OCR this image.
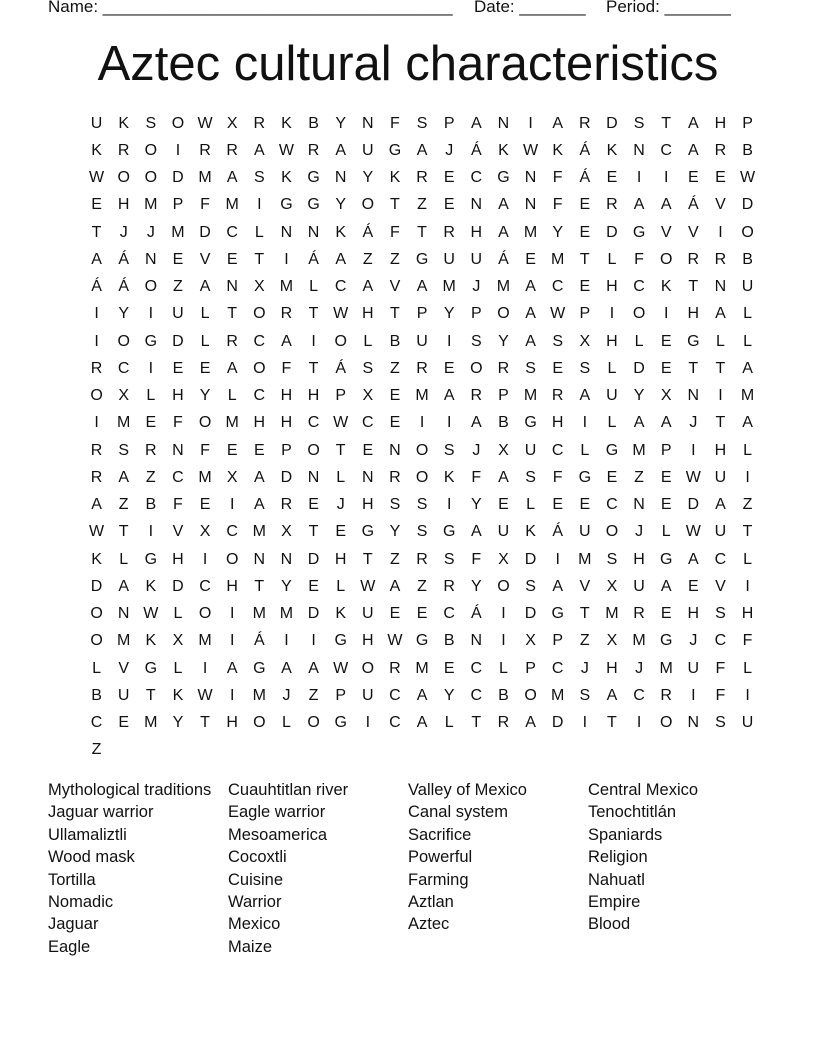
Name: _____________________________________ Date: _______ Period: _______
Aztec cultural characteristics
U	K	S O W X	R	K	B	Y	N	F	S	P	A	N	I	A	R D	S	T	A	H	P
K	R O	I	R R	A W R	A	U G A	J	Á	K W K	Á	K	N C	A	R	B
W O O D M A	S	K G N	Y	K	R	E	C G N	F	Á	E	I	I	E	E W
E	H M P	F M	I	G G Y O	T	Z	E	N	A	N	F	E	R	A	A	Á	V	D
T	J	J	M D C	L	N N	K	Á	F	T	R H	A M Y	E	D G V	V	I	O
A	Á	N	E	V	E	T	I	Á	A	Z	Z	G U U	Á	E M T	L	F	O R R	B
Á	Á O	Z	A	N	X M	L	C	A	V	A M	J	M A	C	E	H C	K	T	N U
I	Y	I	U	L	T	O R	T W H	T	P	Y	P O A W P	I	O	I	H	A	L
I	O G D	L	R C	A	I	O	L	B	U	I	S	Y	A	S	X	H	L	E G	L	L
R C	I	E	E	A O	F	T	Á	S	Z	R	E O R	S	E	S	L	D	E	T	T	A
O X	L	H	Y	L	C H H	P	X	E M A	R	P M R	A	U	Y	X	N	I	M
I	M E	F	O M H H C W C	E	I	I	A	B G H	I	L	A	A	J	T	A
R	S	R N	F	E	E	P O	T	E	N O S	J	X	U C	L	G M P	I	H	L
R	A	Z	C M X	A	D N	L	N R O K	F	A	S	F	G E	Z	E W U	I
A	Z	B	F	E	I	A	R	E	J	H	S	S	I	Y	E	L	E	E	C N	E	D	A	Z
W T	I	V	X	C M X	T	E G Y	S G A	U	K	Á	U O	J	L W U	T
K	L	G H	I	O N N D H	T	Z	R	S	F	X	D	I	M S	H G A	C	L
D	A	K	D C H	T	Y	E	L W A	Z	R	Y O S	A	V	X	U	A	E	V	I
O N W L	O	I	M M D	K	U	E	E	C	Á	I	D G	T M R	E	H	S	H
O M K	X M	I	Á	I	I	G H W G B	N	I	X	P	Z	X M G	J	C	F
L	V G	L	I	A G A	A W O R M E	C	L	P	C	J	H	J	M U	F	L
B	U	T	K W	I	M	J	Z	P	U C	A	Y	C	B O M S	A	C R	I	F	I
C	E M Y	T	H O	L	O G	I	C	A	L	T	R	A	D	I	T	I	O N	S	U
Z
Mythological traditions
Jaguar warrior
Ullamaliztli
Wood mask
Tortilla
Nomadic
Jaguar
Eagle
Cuauhtitlan river
Eagle warrior
Mesoamerica
Cocoxtli
Cuisine
Warrior
Mexico
Maize
Valley of Mexico
Canal system
Sacrifice
Powerful
Farming
Aztlan
Aztec
Central Mexico
Tenochtitlán
Spaniards
Religion
Nahuatl
Empire
Blood
